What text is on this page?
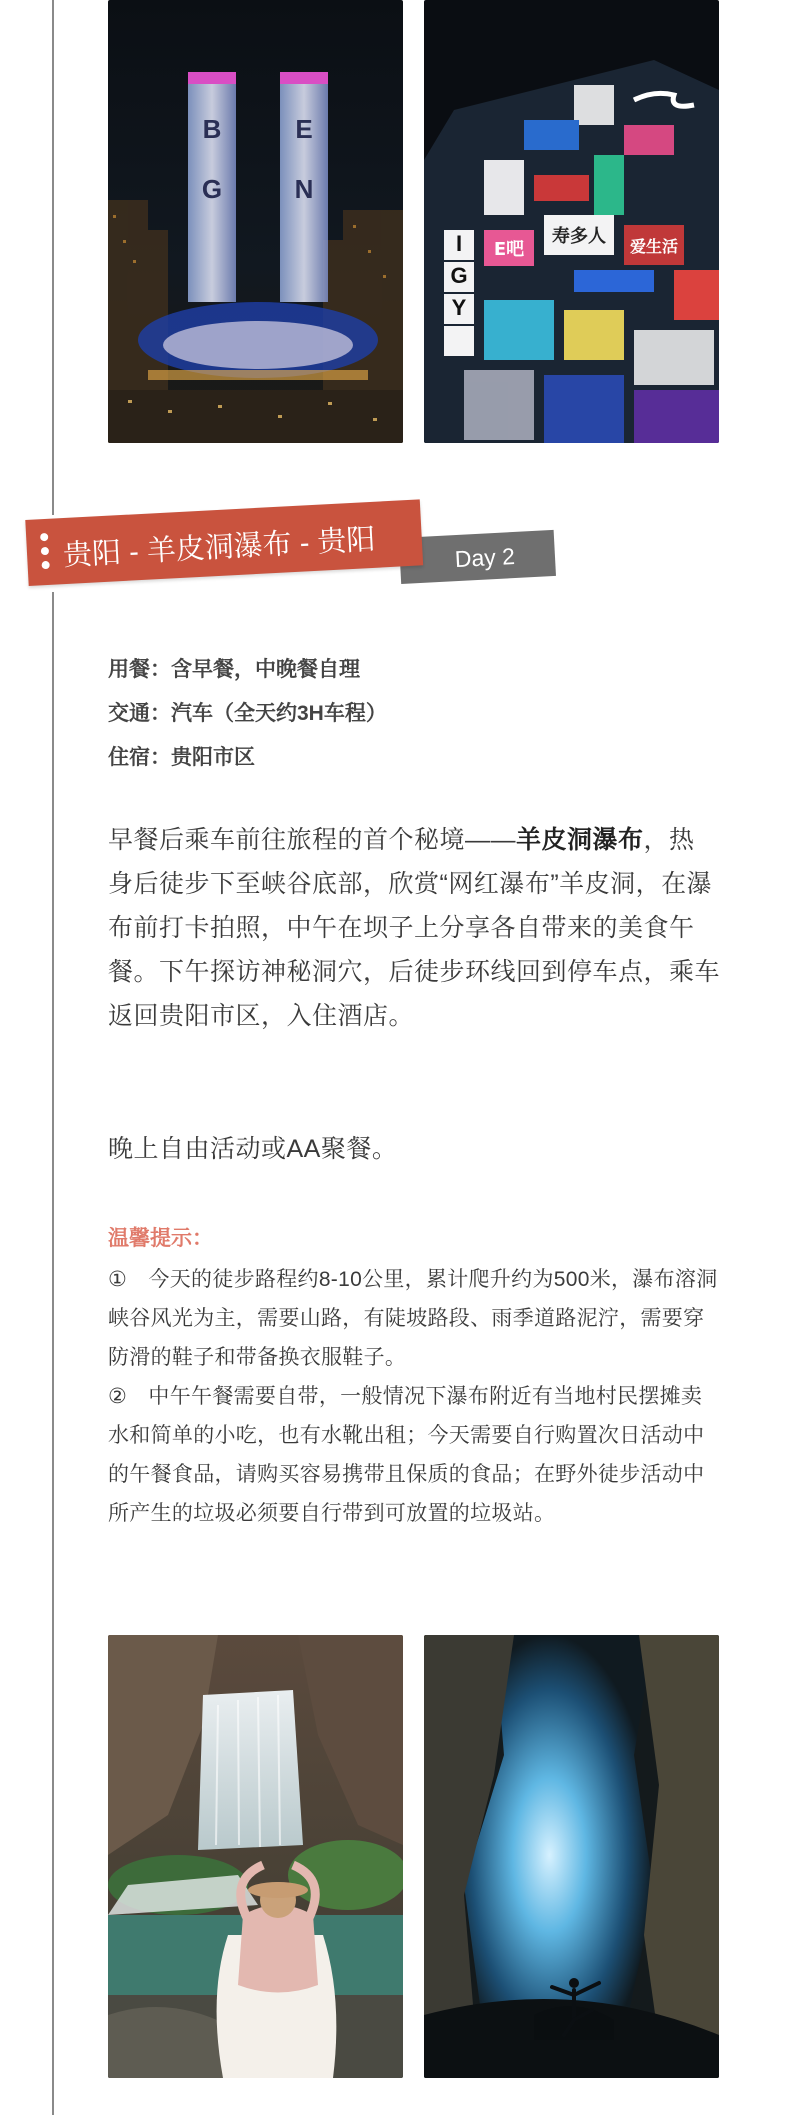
B	E
G	N
G
Y
I	寿多人
E吧	爱生活
Day 2
贵阳 - 羊皮洞瀑布 - 贵阳
用餐：含早餐，中晚餐自理
交通：汽车（全天约3H车程）
住宿：贵阳市区
早餐后乘车前往旅程的首个秘境——羊皮洞瀑布，热身后徒步下至峡谷底部，欣赏“网红瀑布”羊皮洞，在瀑布前打卡拍照，中午在坝子上分享各自带来的美食午餐。下午探访神秘洞穴，后徒步环线回到停车点，乘车返回贵阳市区，入住酒店。
晚上自由活动或AA聚餐。
温馨提示：

①　今天的徒步路程约8-10公里，累计爬升约为500米，瀑布溶洞峡谷风光为主，需要山路，有陡坡路段、雨季道路泥泞，需要穿防滑的鞋子和带备换衣服鞋子。

②　中午午餐需要自带，一般情况下瀑布附近有当地村民摆摊卖水和简单的小吃，也有水靴出租；今天需要自行购置次日活动中的午餐食品，请购买容易携带且保质的食品；在野外徒步活动中所产生的垃圾必须要自行带到可放置的垃圾站。
